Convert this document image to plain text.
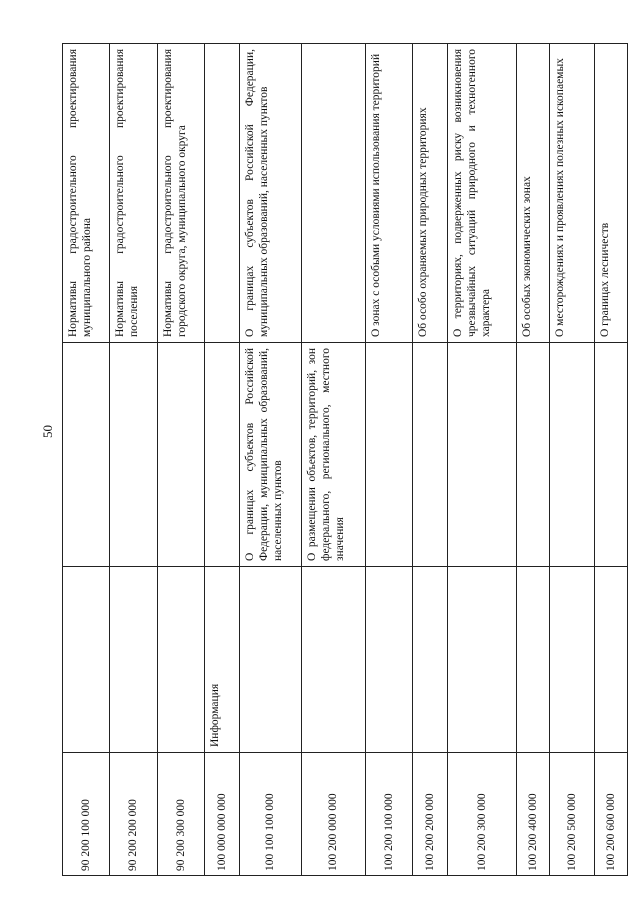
50
90 200 100 000			Нормативы градостроительного проектирования муниципального района
90 200 200 000			Нормативы градостроительного проектирования поселения
90 200 300 000			Нормативы градостроительного проектирования городского округа, муниципального округа
100 000 000 000	Информация		
100 100 100 000		О границах субъектов Российской Федерации, муниципальных образований, населенных пунктов	О границах субъектов Российской Федерации, муниципальных образований, населенных пунктов
100 200 000 000		О размещении объектов, территорий, зон федерального, регионального, местного значения	
100 200 100 000			О зонах с особыми условиями использования территорий
100 200 200 000			Об особо охраняемых природных территориях
100 200 300 000			О территориях, подверженных риску возникновения чрезвычайных ситуаций природного и техногенного характера
100 200 400 000			Об особых экономических зонах
100 200 500 000			О месторождениях и проявлениях полезных ископаемых
100 200 600 000			О границах лесничеств
